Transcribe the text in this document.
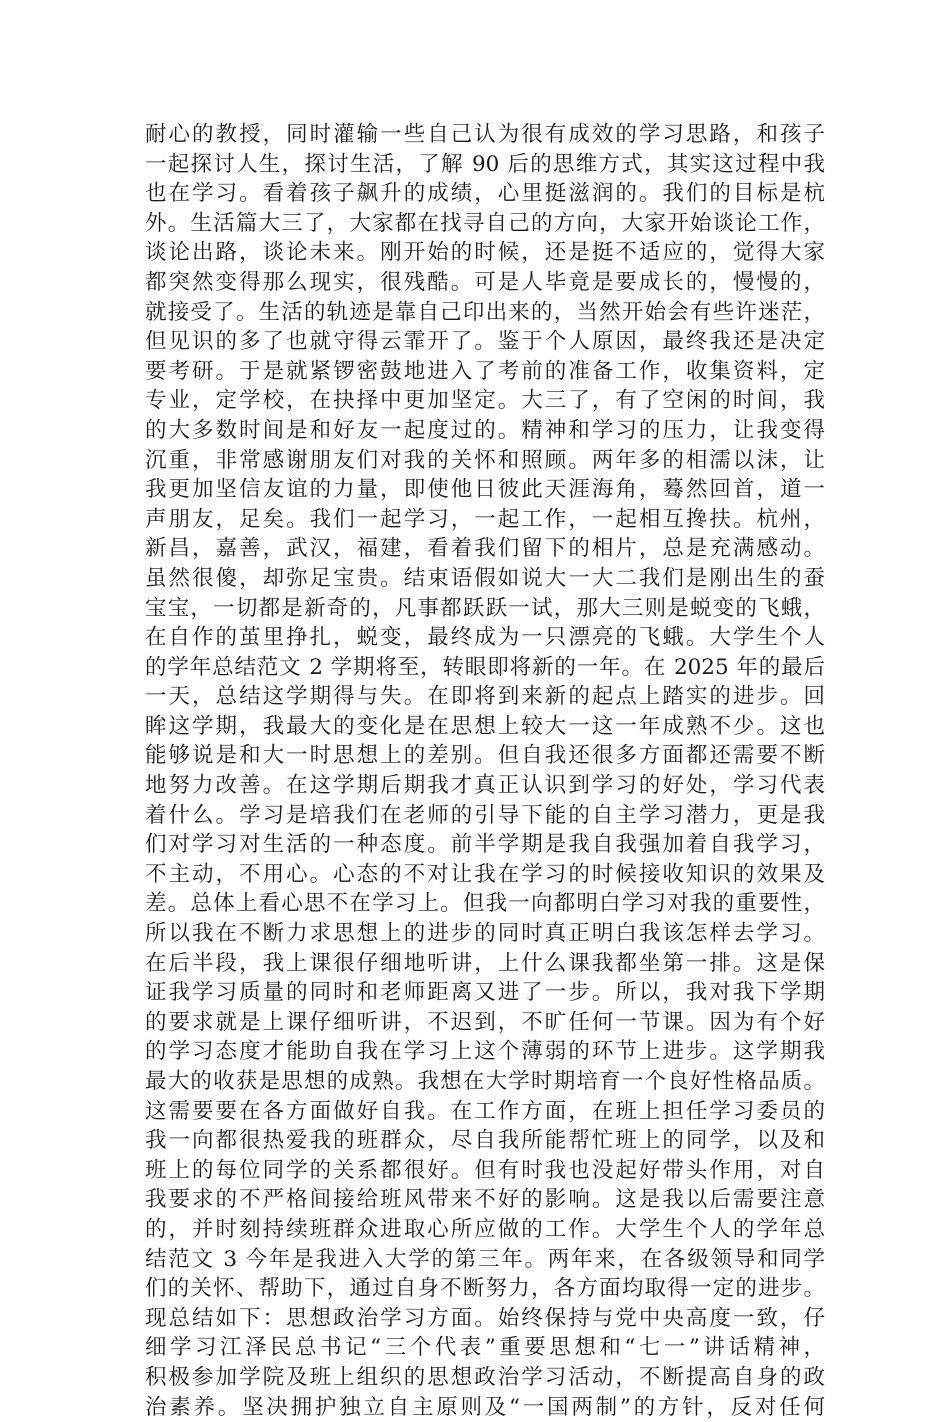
耐心的教授，同时灌输一些自己认为很有成效的学习思路，和孩子
一起探讨人生，探讨生活，了解 90 后的思维方式，其实这过程中我
也在学习。看着孩子飙升的成绩，心里挺滋润的。我们的目标是杭
外。生活篇大三了，大家都在找寻自己的方向，大家开始谈论工作，
谈论出路，谈论未来。刚开始的时候，还是挺不适应的，觉得大家
都突然变得那么现实，很残酷。可是人毕竟是要成长的，慢慢的，
就接受了。生活的轨迹是靠自己印出来的，当然开始会有些许迷茫，
但见识的多了也就守得云霏开了。鉴于个人原因，最终我还是决定
要考研。于是就紧锣密鼓地进入了考前的准备工作，收集资料，定
专业，定学校，在抉择中更加坚定。大三了，有了空闲的时间，我
的大多数时间是和好友一起度过的。精神和学习的压力，让我变得
沉重，非常感谢朋友们对我的关怀和照顾。两年多的相濡以沫，让
我更加坚信友谊的力量，即使他日彼此天涯海角，蓦然回首，道一
声朋友，足矣。我们一起学习，一起工作，一起相互搀扶。杭州，
新昌，嘉善，武汉，福建，看着我们留下的相片，总是充满感动。
虽然很傻，却弥足宝贵。结束语假如说大一大二我们是刚出生的蚕
宝宝，一切都是新奇的，凡事都跃跃一试，那大三则是蜕变的飞蛾，
在自作的茧里挣扎，蜕变，最终成为一只漂亮的飞蛾。大学生个人
的学年总结范文 2 学期将至，转眼即将新的一年。在 2025 年的最后
一天，总结这学期得与失。在即将到来新的起点上踏实的进步。回
眸这学期，我最大的变化是在思想上较大一这一年成熟不少。这也
能够说是和大一时思想上的差别。但自我还很多方面都还需要不断
地努力改善。在这学期后期我才真正认识到学习的好处，学习代表
着什么。学习是培我们在老师的引导下能的自主学习潜力，更是我
们对学习对生活的一种态度。前半学期是我自我强加着自我学习，
不主动，不用心。心态的不对让我在学习的时候接收知识的效果及
差。总体上看心思不在学习上。但我一向都明白学习对我的重要性，
所以我在不断力求思想上的进步的同时真正明白我该怎样去学习。
在后半段，我上课很仔细地听讲，上什么课我都坐第一排。这是保
证我学习质量的同时和老师距离又进了一步。所以，我对我下学期
的要求就是上课仔细听讲，不迟到，不旷任何一节课。因为有个好
的学习态度才能助自我在学习上这个薄弱的环节上进步。这学期我
最大的收获是思想的成熟。我想在大学时期培育一个良好性格品质。
这需要要在各方面做好自我。在工作方面，在班上担任学习委员的
我一向都很热爱我的班群众，尽自我所能帮忙班上的同学，以及和
班上的每位同学的关系都很好。但有时我也没起好带头作用，对自
我要求的不严格间接给班风带来不好的影响。这是我以后需要注意
的，并时刻持续班群众进取心所应做的工作。大学生个人的学年总
结范文 3 今年是我进入大学的第三年。两年来，在各级领导和同学
们的关怀、帮助下，通过自身不断努力，各方面均取得一定的进步。
现总结如下：思想政治学习方面。始终保持与党中央高度一致，仔
细学习江泽民总书记“三个代表”重要思想和“七一”讲话精神，
积极参加学院及班上组织的思想政治学习活动，不断提高自身的政
治素养。坚决拥护独立自主原则及“一国两制”的方针，反对任何
